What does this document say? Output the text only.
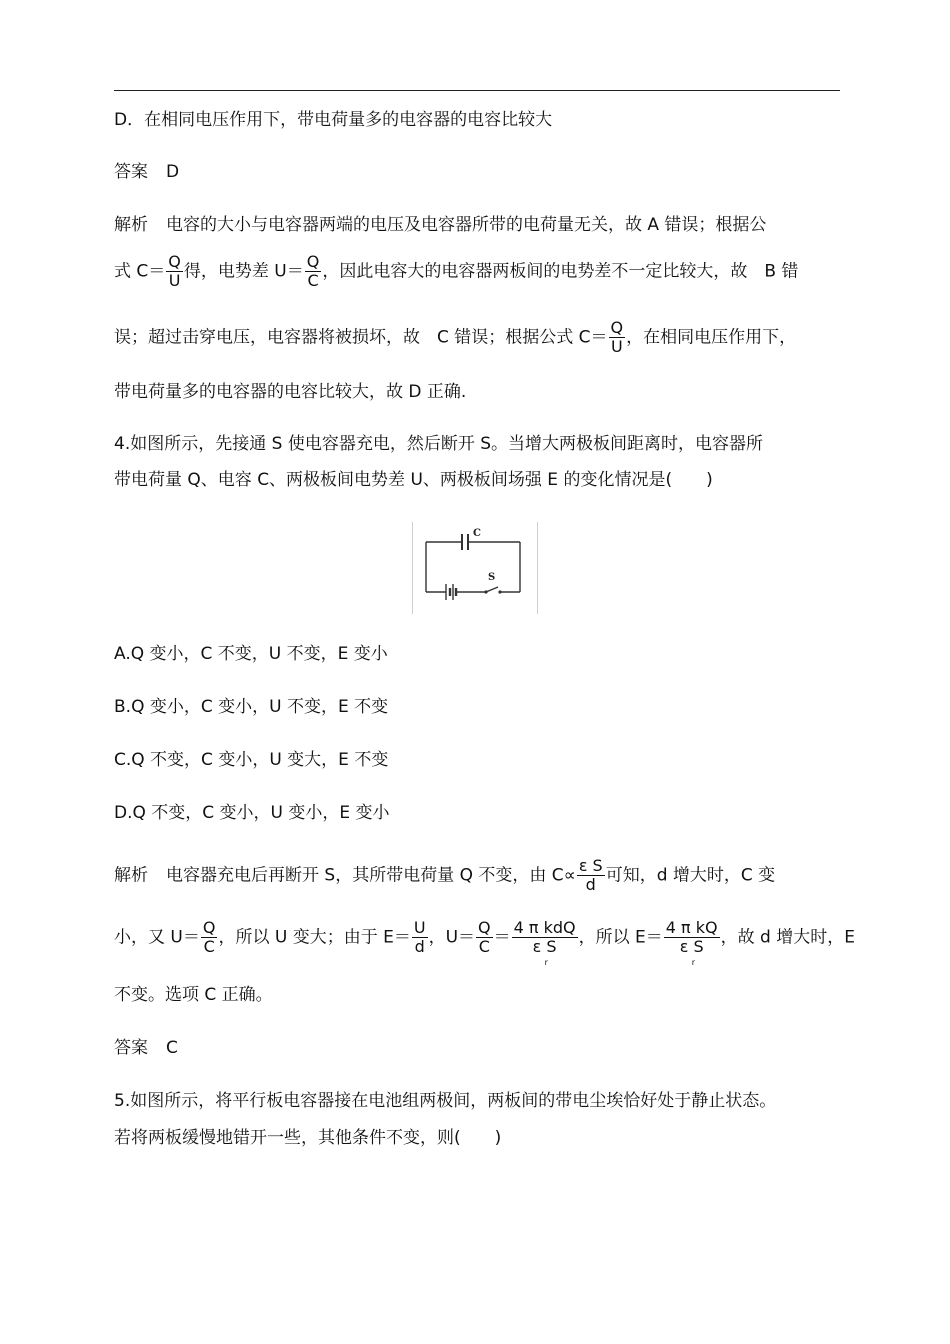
D．在相同电压作用下，带电荷量多的电容器的电容比较大
答案 D
解析 电容的大小与电容器两端的电压及电容器所带的电荷量无关，故 A 错误；根据公
式 $C= \frac{Q}{U}$ 得，电势差 $U= \frac{Q}{C}$ ，因此电容大的电容器两板间的电势差不一定比较大，故　B 错
误；超过击穿电压，电容器将被损坏，故　C 错误；根据公式 $C= \frac{Q}{U}$ ，在相同电压作用下，
带电荷量多的电容器的电容比较大，故 D 正确.
4.如图所示，先接通 S 使电容器充电，然后断开 S。当增大两极板间距离时，电容器所
带电荷量 Q、电容 C、两极板间电势差 U、两极板间场强 E 的变化情况是(　　)
C
S
A.Q 变小，C 不变，U 不变，E 变小
B.Q 变小，C 变小，U 不变，E 不变
C.Q 不变，C 变小，U 变大，E 不变
D.Q 不变，C 变小，U 变小，E 变小
解析 电容器充电后再断开 S，其所带电荷量 Q 不变，由 $C\propto \frac{\text{ε S}}{d}$ 可知，d 增大时，C 变
小，又 $U= \frac{Q}{C}$ ，所以 U 变大；由于 $E= \frac{U}{d}$ ，$U= \frac{Q}{C} = 4$ π kdQ
ε S
r ，所以 E＝ 4 π kQ
ε S
r ，故 d 增大时，E
不变。选项 C 正确。
答案 C
5.如图所示，将平行板电容器接在电池组两极间，两板间的带电尘埃恰好处于静止状态。
若将两板缓慢地错开一些，其他条件不变，则(　　)
